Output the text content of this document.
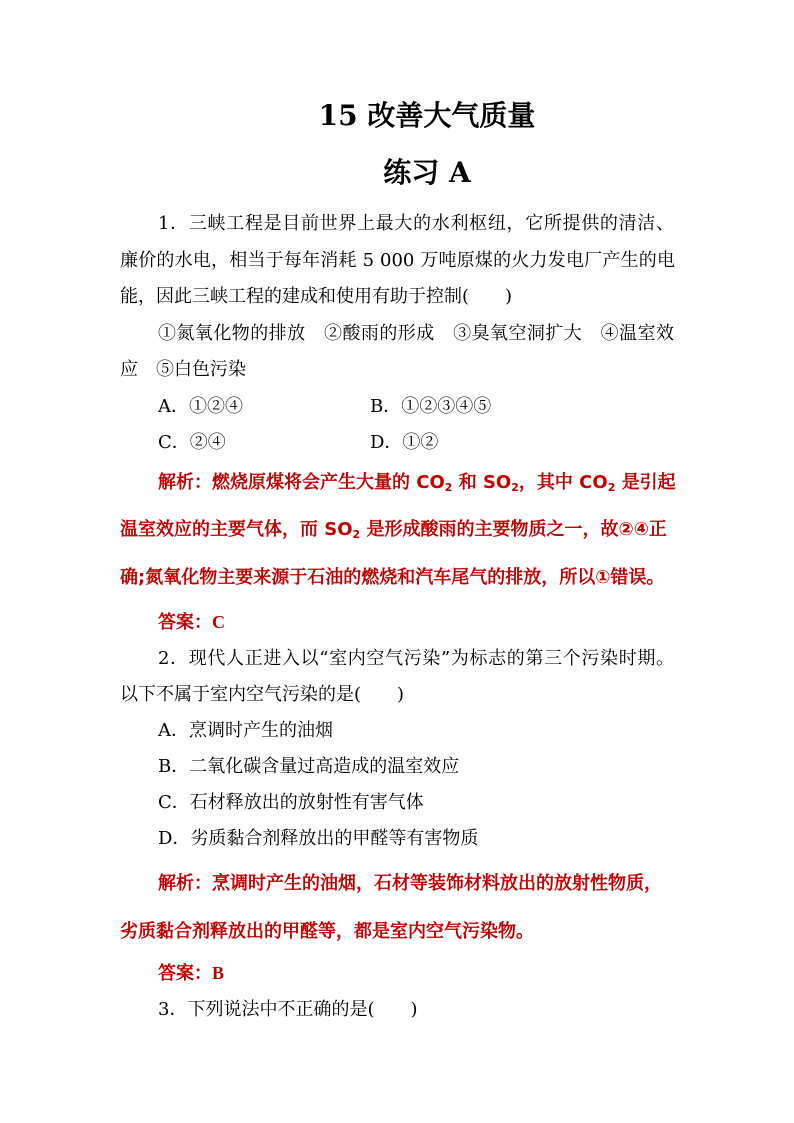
15 改善大气质量
练习 A
1．三峡工程是目前世界上最大的水利枢纽，它所提供的清洁、
廉价的水电，相当于每年消耗 5 000 万吨原煤的火力发电厂产生的电
能，因此三峡工程的建成和使用有助于控制(　　)
①氮氧化物的排放　②酸雨的形成　③臭氧空洞扩大　④温室效
应　⑤白色污染
A．①②④	B．①②③④⑤
C．②④	D．①②
解析：燃烧原煤将会产生大量的 $CO_2$ 和 $SO_2$，其中 $CO_2$ 是引起
温室效应的主要气体，而 $SO_2$ 是形成酸雨的主要物质之一，故②④正
确;氮氧化物主要来源于石油的燃烧和汽车尾气的排放，所以①错误。
答案：C
2．现代人正进入以“室内空气污染”为标志的第三个污染时期。
以下不属于室内空气污染的是(　　)
A．烹调时产生的油烟
B．二氧化碳含量过高造成的温室效应
C．石材释放出的放射性有害气体
D．劣质黏合剂释放出的甲醛等有害物质
解析：烹调时产生的油烟，石材等装饰材料放出的放射性物质，
劣质黏合剂释放出的甲醛等，都是室内空气污染物。
答案：B
3．下列说法中不正确的是(　　)
